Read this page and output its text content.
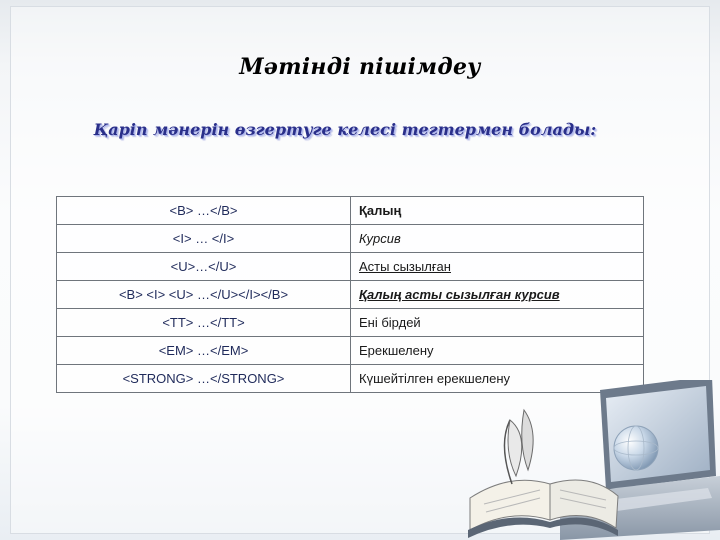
Мәтінді пішімдеу
Қаріп мәнерін өзгертуге келесі тегтермен болады:
<B> …</B>	Қалың
<I> … </I>	Курсив
<U>…</U>	Асты сызылған
<B> <I> <U> …</U></I></B>	Қалың асты сызылған курсив
<TT> …</TT>	Ені бірдей
<EM> …</EM>	Ерекшелену
<STRONG> …</STRONG>	Күшейтілген ерекшелену
